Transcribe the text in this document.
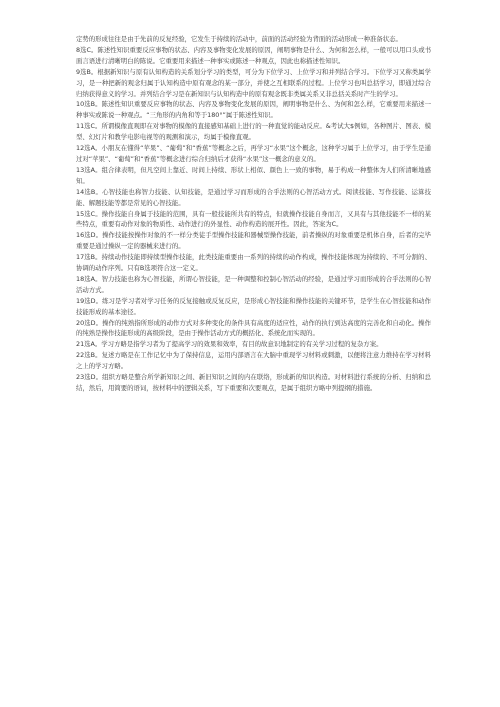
定势的形成往往是由于先前的反复经验，它发生于持续的活动中，前面的活动经验为背面的活动形成一种准备状态。

8选C。陈述性知识重要反应事物的状态、内容及事物变化发展的原因，阐明事物是什么、为何和怎么样，一般可以用口头或书面言语进行清晰明白的陈说。它重要用来描述一种事实或陈述一种观点，因此也称描述性知识。

9选B。根据新知识与原有认知构造的关系划分学习的类型，可分为下位学习、上位学习和并列结合学习。下位学习又称类属学习，是一种把新的观念归属于认知构造中原有观念的某一部分，并使之互相联系的过程。上位学习也叫总括学习，即通过综合归纳获得意义的学习。并列结合学习是在新知识与认知构造中的原有观念既非类属关系又非总括关系时产生的学习。

10选B。陈述性知识重要反应事物的状态、内容及事物变化发展的原因，阐明事物是什么、为何和怎么样，它重要用来描述一种事实或陈说一种观点。“三角形的内角和等于180°”属于陈述性知识。

11选C。所谓模像直观即在对事物的模像的直接感知基础上进行的一种直觉的能动反应。&考试大$例如，各种图片、图表、模型、幻灯片和教学电影电视等的观测和演示，均属于模像直观。

12选A。小朋友在懂得“苹果”、“葡萄”和“香蕉”等概念之后，再学习“水果”这个概念，这种学习属于上位学习，由于学生是通过对“苹果”、“葡萄”和“香蕉”等概念进行综合归纳后才获得“水果”这一概念的意义的。

13选A。组合律表明，但凡空间上靠近、时间上持续、形状上相似、颜色上一致的事物，易于构成一种整体为人们所清晰地感知。

14选B。心智技能也称智力技能、认知技能，是通过学习而形成的合乎法则的心智活动方式。阅读技能、写作技能、运算技能、解题技能等都是常见的心智技能。

15选C。操作技能自身属于技能的范围，具有一般技能所共有的特点，但就操作技能自身而言，又具有与其他技能不一样的某些特点，重要有动作对象的物质性、动作进行的外显性、动作构造的展开性。因此，答案为C。

16选D。操作技能按操作对象的不一样分类徒手型操作技能和器械型操作技能，前者操纵的对象重要是机体自身，后者的完毕重要是通过操纵一定的器械来进行的。

17选B。持续动作技能即持续型操作技能，此类技能重要由一系列的持续的动作构成，操作技能体现为持续的、不可分割的、协调的动作序列。只有B选项符合这一定义。

18选A。智力技能也称为心智技能，所谓心智技能，是一种调整和控制心智活动的经验，是通过学习而形成的合乎法则的心智活动方式。

19选D。练习是学习者对学习任务的反复接触或反复反应，是形成心智技能和操作技能的关键环节，是学生在心智技能和动作技能形成的基本途径。

20选D。操作的纯熟指所形成的动作方式对多种变化的条件具有高度的适应性，动作的执行到达高度的完善化和自动化。操作的纯熟是操作技能形成的高级阶段，是由于操作活动方式的概括化、系统化而实现的。

21选A。学习方略是指学习者为了提高学习的效果和效率，有目的故意识地制定的有关学习过程的复杂方案。

22选B。复述方略是在工作记忆中为了保持信息，运用内部语言在大脑中重现学习材料或刺激，以便将注意力维持在学习材料之上的学习方略。

23选D。组织方略是整合所学新知识之间、新旧知识之间的内在联络，形成新的知识构造。对材料进行系统的分析、归纳和总结，然后，用简要的语词，按材料中的逻辑关系，写下重要和次要观点，是属于组织方略中列提纲的措施。
